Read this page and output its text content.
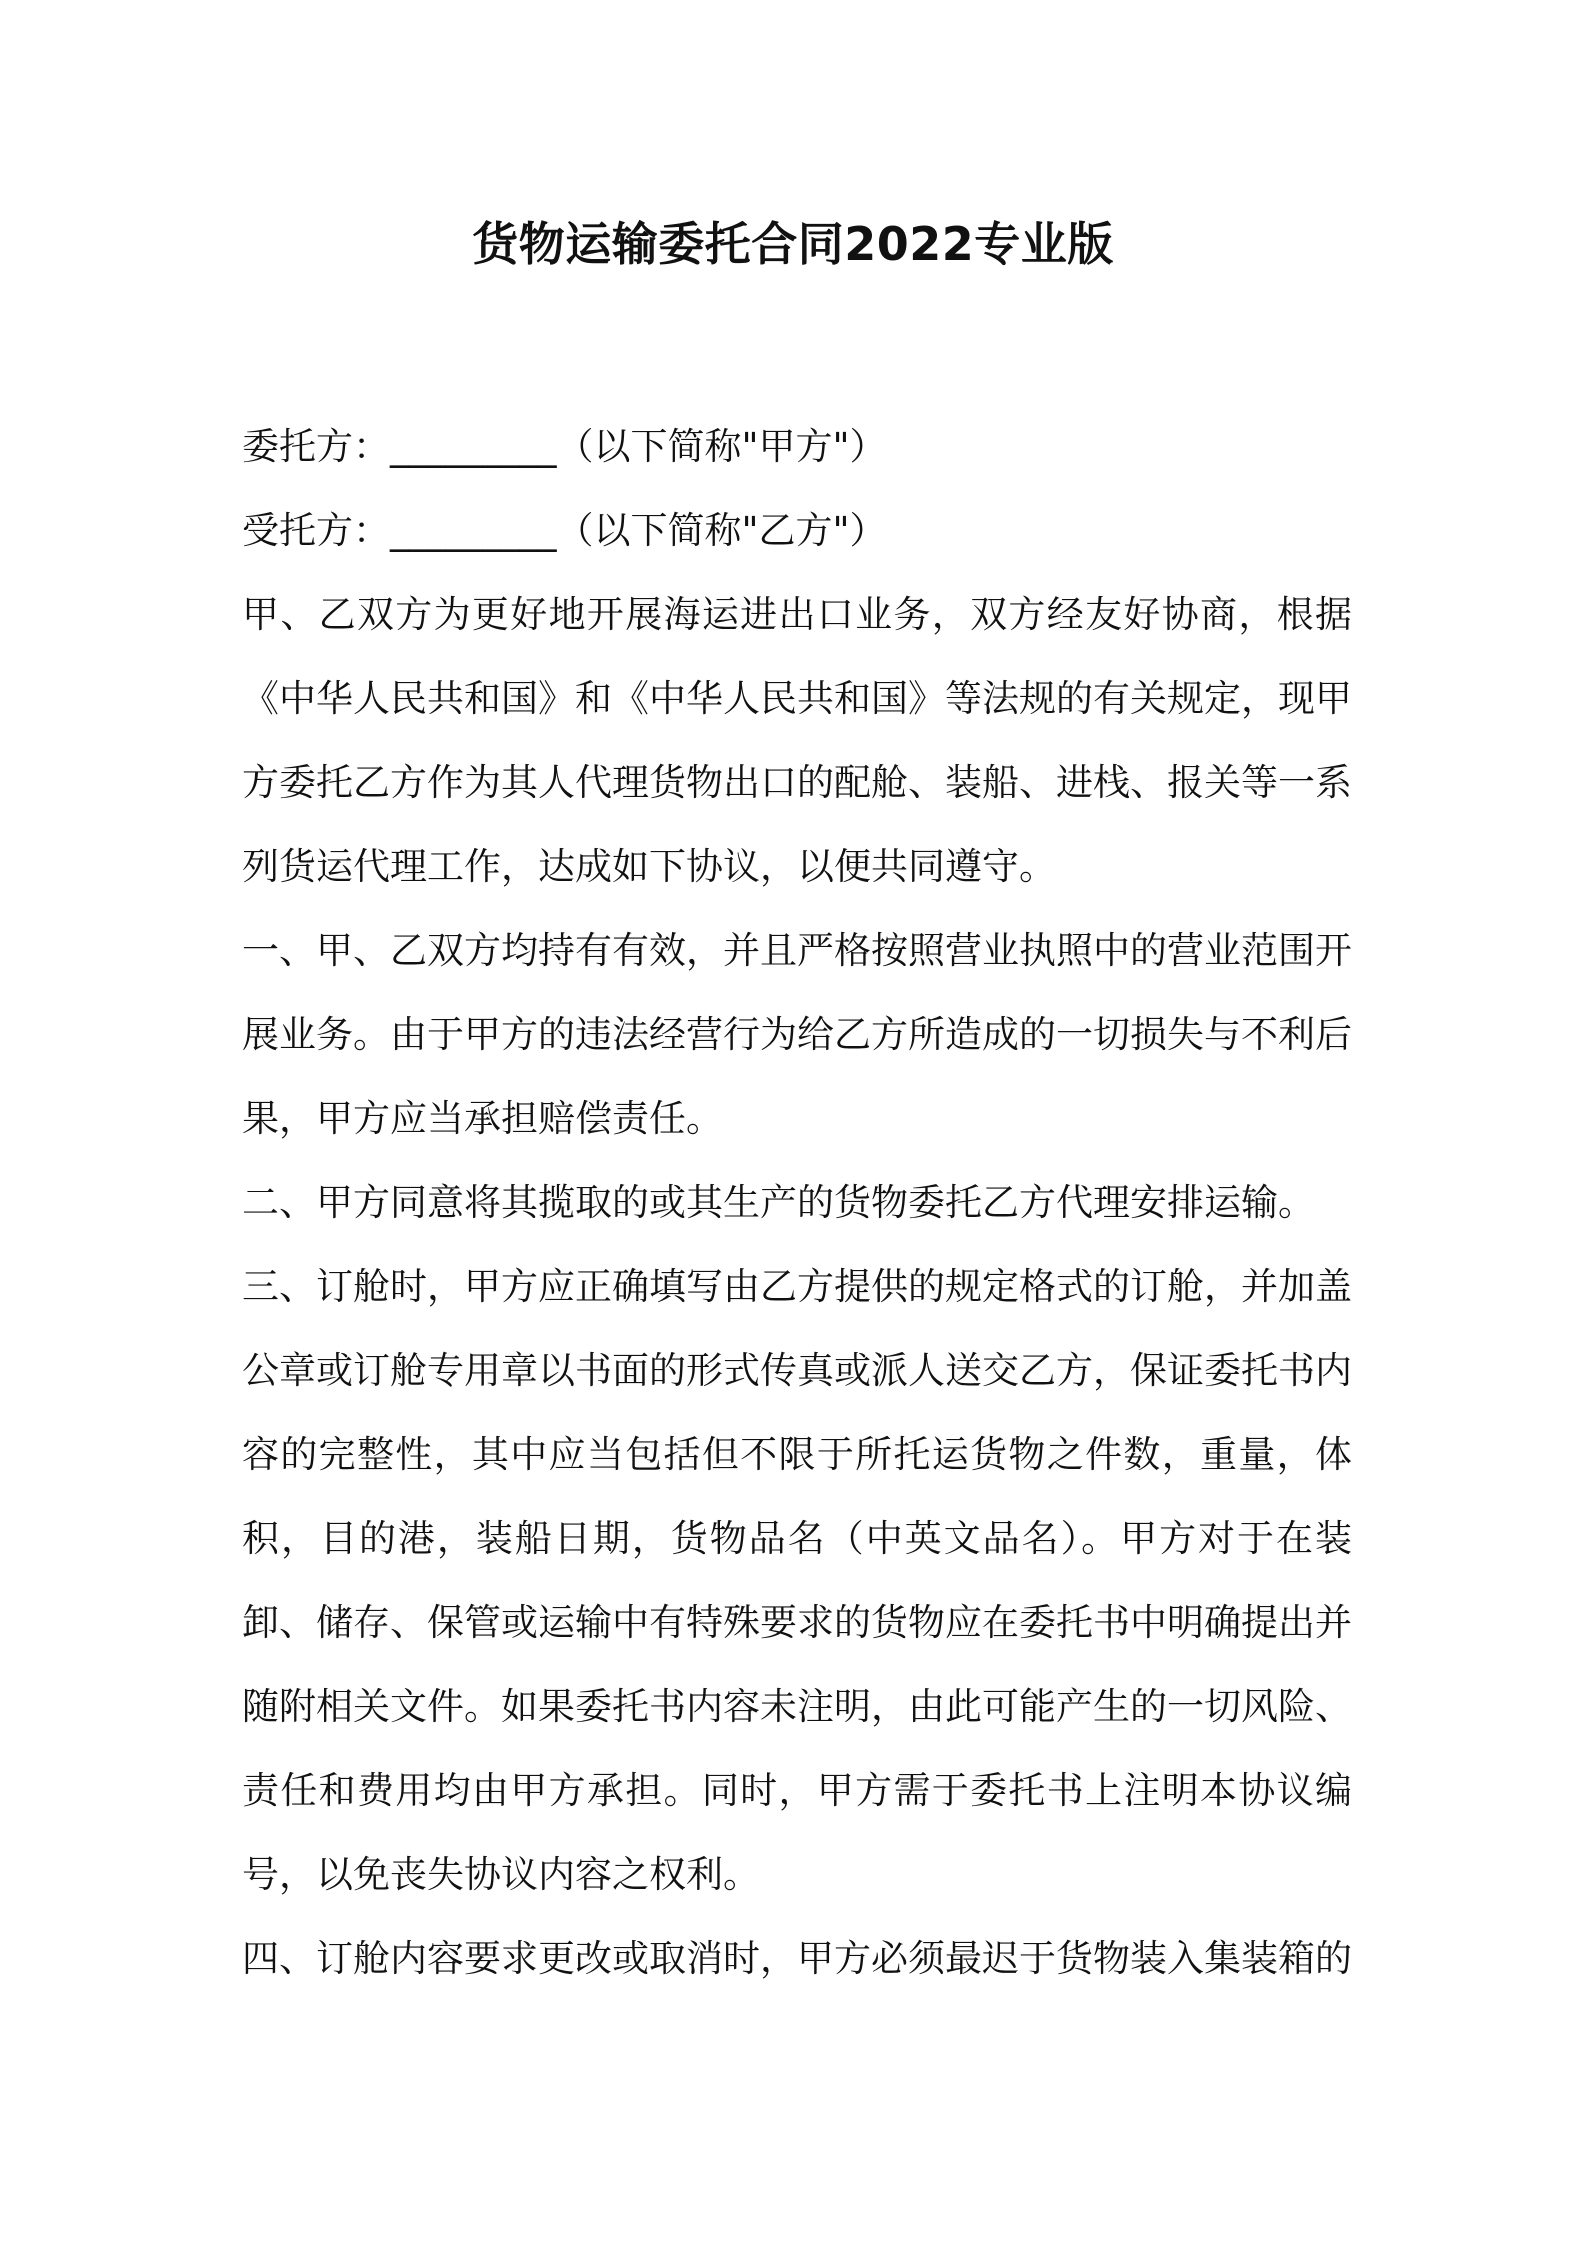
货物运输委托合同2022专业版

委托方：_________（以下简称"甲方"）

受托方：_________（以下简称"乙方"）

甲、乙双方为更好地开展海运进出口业务，双方经友好协商，根据《中华人民共和国》和《中华人民共和国》等法规的有关规定，现甲方委托乙方作为其人代理货物出口的配舱、装船、进栈、报关等一系列货运代理工作，达成如下协议，以便共同遵守。

一、甲、乙双方均持有有效，并且严格按照营业执照中的营业范围开展业务。由于甲方的违法经营行为给乙方所造成的一切损失与不利后果，甲方应当承担赔偿责任。

二、甲方同意将其揽取的或其生产的货物委托乙方代理安排运输。

三、订舱时，甲方应正确填写由乙方提供的规定格式的订舱，并加盖公章或订舱专用章以书面的形式传真或派人送交乙方，保证委托书内容的完整性，其中应当包括但不限于所托运货物之件数，重量，体积，目的港，装船日期，货物品名（中英文品名）。甲方对于在装卸、储存、保管或运输中有特殊要求的货物应在委托书中明确提出并随附相关文件。如果委托书内容未注明，由此可能产生的一切风险、责任和费用均由甲方承担。同时，甲方需于委托书上注明本协议编号，以免丧失协议内容之权利。

四、订舱内容要求更改或取消时，甲方必须最迟于货物装入集装箱的
